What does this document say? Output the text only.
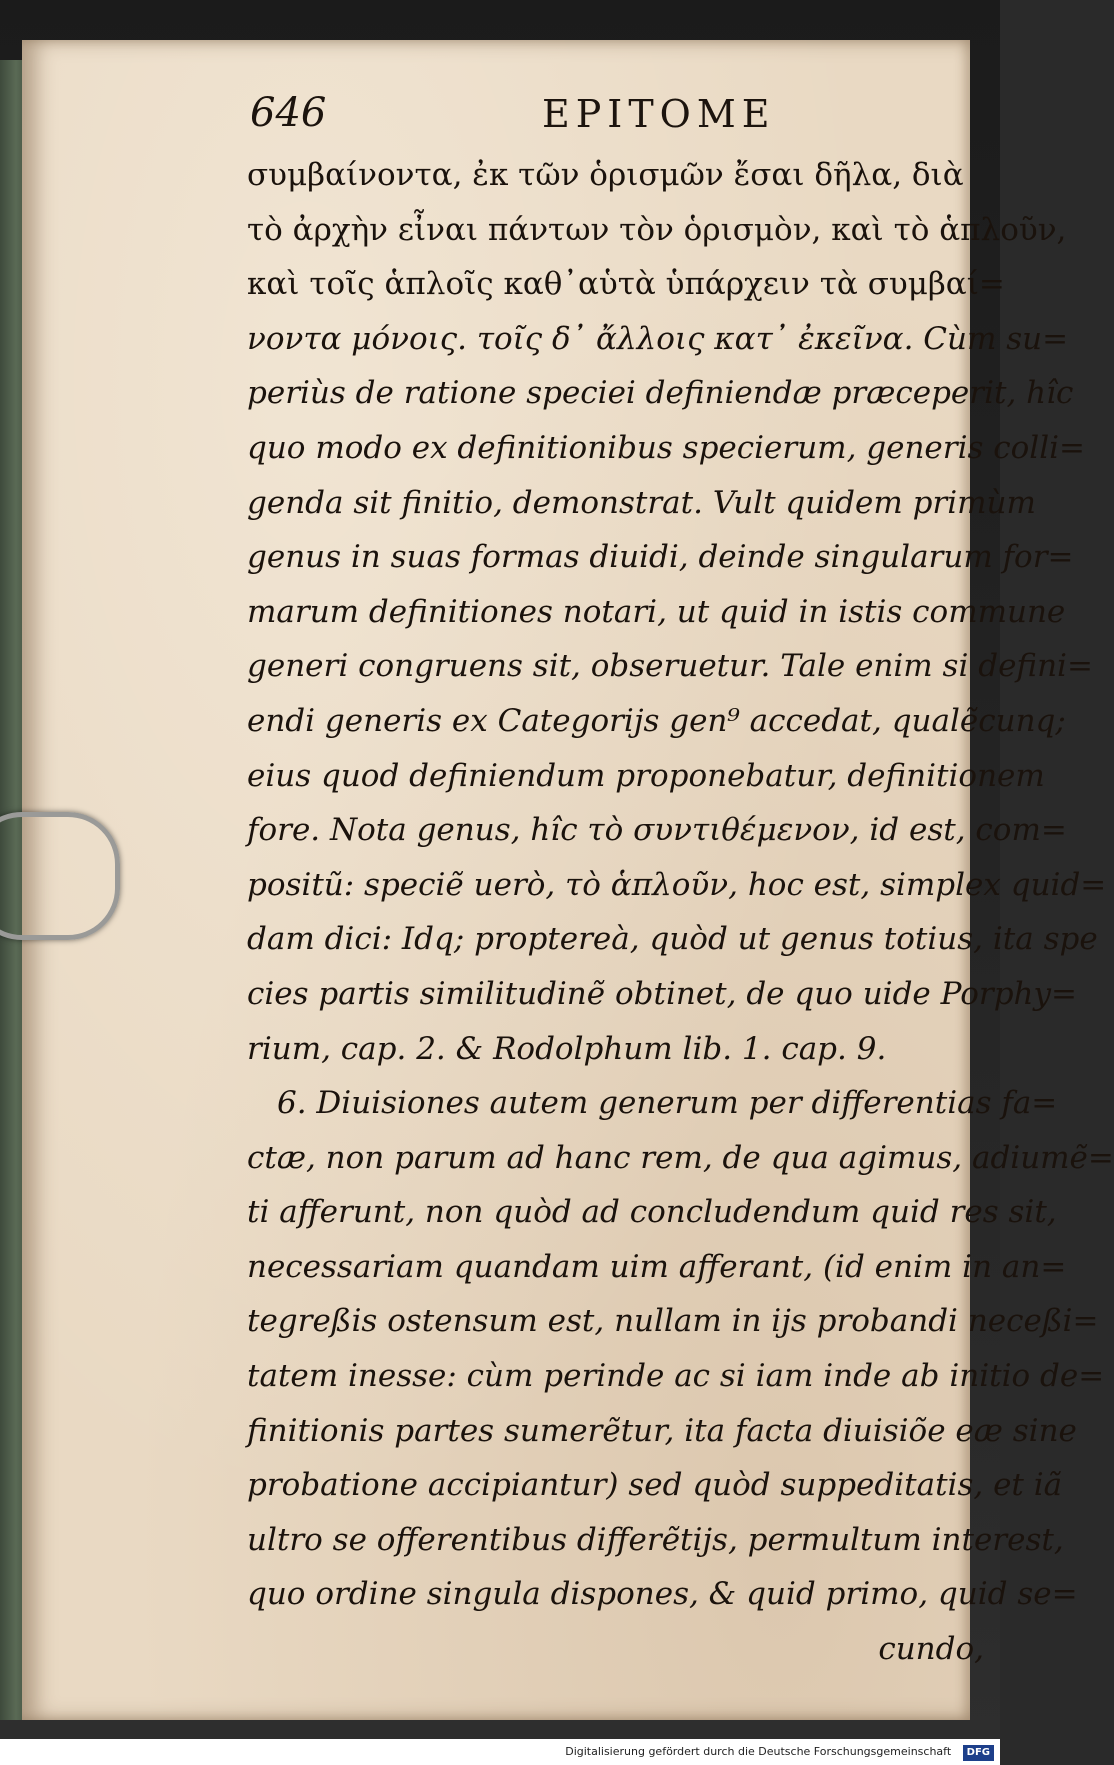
646	EPITOME
συμβαίνοντα, ἐκ τῶν ὁρισμῶν ἔσαι δῆλα, διὰ
τὸ ἀρχὴν εἶναι πάντων τὸν ὁρισμὸν, καὶ τὸ ἁπλοῦν,
καὶ τοῖς ἁπλοῖς καθ᾽αὑτὰ ὑπάρχειν τὰ συμβαί=
νοντα μόνοις. τοῖς δ᾽ ἄλλοις κατ᾽ ἐκεῖνα. Cùm su=
periùs de ratione speciei definiendæ præceperit, hîc
quo modo ex definitionibus specierum, generis colli=
genda sit finitio, demonstrat. Vult quidem primùm
genus in suas formas diuidi, deinde singularum for=
marum definitiones notari, ut quid in istis commune
generi congruens sit, obseruetur. Tale enim si defini=
endi generis ex Categorijs gen⁹ accedat, qualẽcunq;
eius quod definiendum proponebatur, definitionem
fore. Nota genus, hîc τὸ συντιθέμενον, id est, com=
positũ: speciẽ uerò, τὸ ἁπλοῦν, hoc est, simplex quid=
dam dici: Idq; proptereà, quòd ut genus totius, ita spe
cies partis similitudinẽ obtinet, de quo uide Porphy=
rium, cap. 2. & Rodolphum lib. 1. cap. 9.
6. Diuisiones autem generum per differentias fa=
ctæ, non parum ad hanc rem, de qua agimus, adiumẽ=
ti afferunt, non quòd ad concludendum quid res sit,
necessariam quandam uim afferant, (id enim in an=
tegreßis ostensum est, nullam in ijs probandi neceßi=
tatem inesse: cùm perinde ac si iam inde ab initio de=
finitionis partes sumerẽtur, ita facta diuisiõe eæ sine
probatione accipiantur) sed quòd suppeditatis, et iã
ultro se offerentibus differẽtijs, permultum interest,
quo ordine singula dispones, & quid primo, quid se=
cundo,
Digitalisierung gefördert durch die Deutsche Forschungsgemeinschaft DFG
